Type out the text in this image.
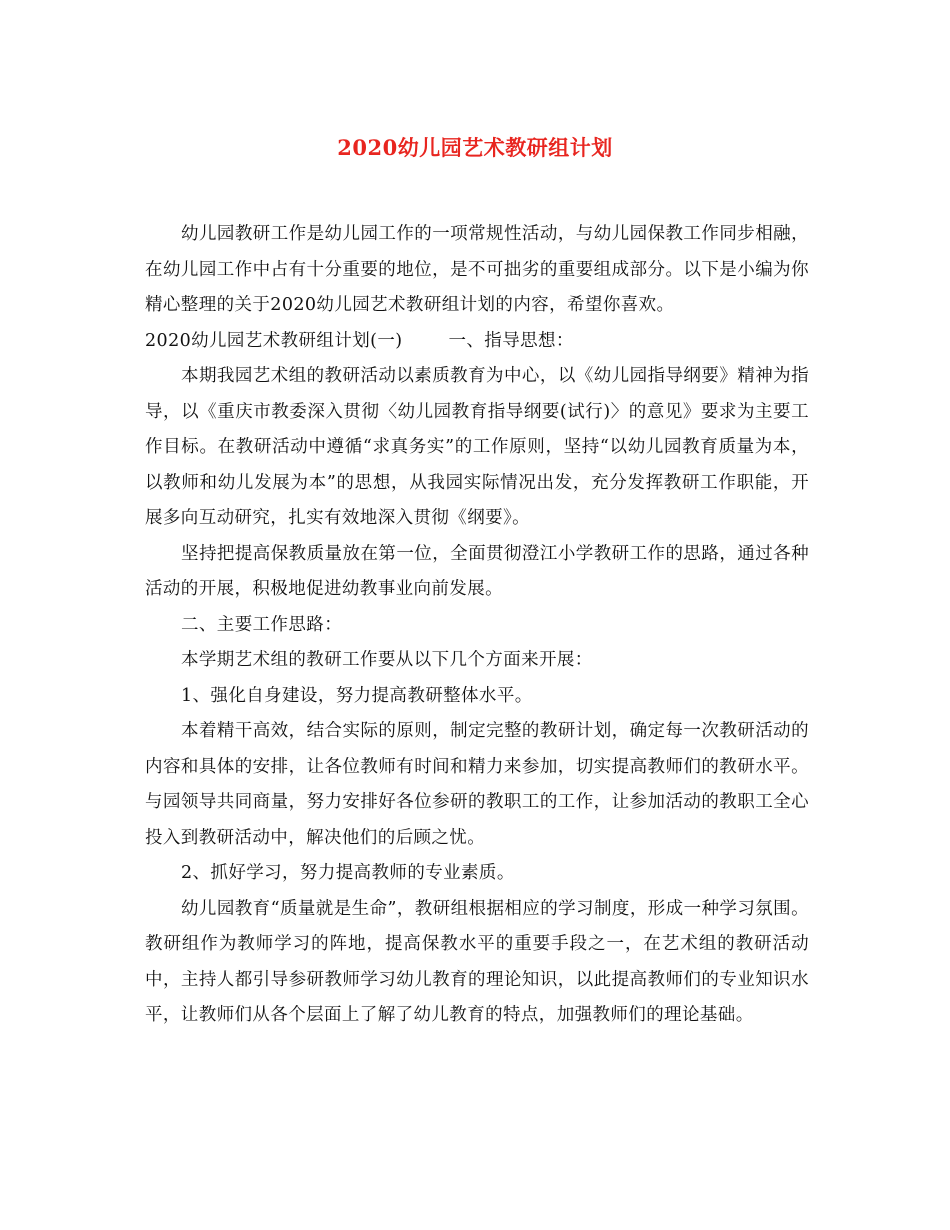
2020幼儿园艺术教研组计划

幼儿园教研工作是幼儿园工作的一项常规性活动，与幼儿园保教工作同步相融，在幼儿园工作中占有十分重要的地位，是不可拙劣的重要组成部分。以下是小编为你精心整理的关于2020幼儿园艺术教研组计划的内容，希望你喜欢。

2020幼儿园艺术教研组计划(一)	一、指导思想：

本期我园艺术组的教研活动以素质教育为中心，以《幼儿园指导纲要》精神为指导，以《重庆市教委深入贯彻〈幼儿园教育指导纲要(试行)〉的意见》要求为主要工作目标。在教研活动中遵循“求真务实”的工作原则，坚持“以幼儿园教育质量为本，以教师和幼儿发展为本”的思想，从我园实际情况出发，充分发挥教研工作职能，开展多向互动研究，扎实有效地深入贯彻《纲要》。

坚持把提高保教质量放在第一位，全面贯彻澄江小学教研工作的思路，通过各种活动的开展，积极地促进幼教事业向前发展。

二、主要工作思路：

本学期艺术组的教研工作要从以下几个方面来开展：

1、强化自身建设，努力提高教研整体水平。

本着精干高效，结合实际的原则，制定完整的教研计划，确定每一次教研活动的内容和具体的安排，让各位教师有时间和精力来参加，切实提高教师们的教研水平。与园领导共同商量，努力安排好各位参研的教职工的工作，让参加活动的教职工全心投入到教研活动中，解决他们的后顾之忧。

2、抓好学习，努力提高教师的专业素质。

幼儿园教育“质量就是生命”，教研组根据相应的学习制度，形成一种学习氛围。教研组作为教师学习的阵地，提高保教水平的重要手段之一，在艺术组的教研活动中，主持人都引导参研教师学习幼儿教育的理论知识，以此提高教师们的专业知识水平，让教师们从各个层面上了解了幼儿教育的特点，加强教师们的理论基础。
